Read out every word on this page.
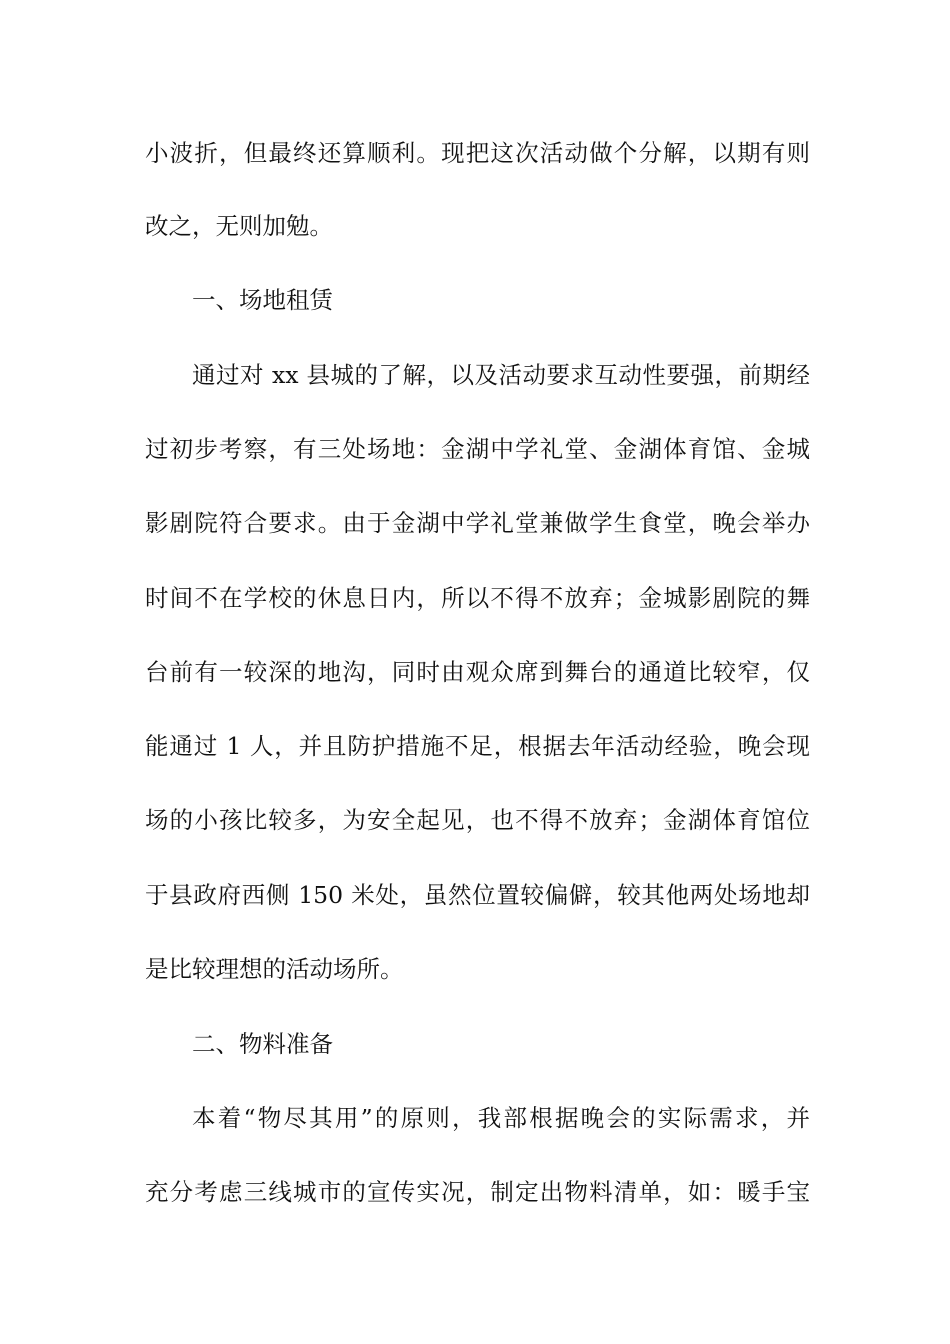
小波折，但最终还算顺利。现把这次活动做个分解，以期有则
改之，无则加勉。
一、场地租赁
通过对 xx 县城的了解，以及活动要求互动性要强，前期经
过初步考察，有三处场地：金湖中学礼堂、金湖体育馆、金城
影剧院符合要求。由于金湖中学礼堂兼做学生食堂，晚会举办
时间不在学校的休息日内，所以不得不放弃；金城影剧院的舞
台前有一较深的地沟，同时由观众席到舞台的通道比较窄，仅
能通过 1 人，并且防护措施不足，根据去年活动经验，晚会现
场的小孩比较多，为安全起见，也不得不放弃；金湖体育馆位
于县政府西侧 150 米处，虽然位置较偏僻，较其他两处场地却
是比较理想的活动场所。
二、物料准备
本着“物尽其用”的原则，我部根据晚会的实际需求，并
充分考虑三线城市的宣传实况，制定出物料清单，如：暖手宝
